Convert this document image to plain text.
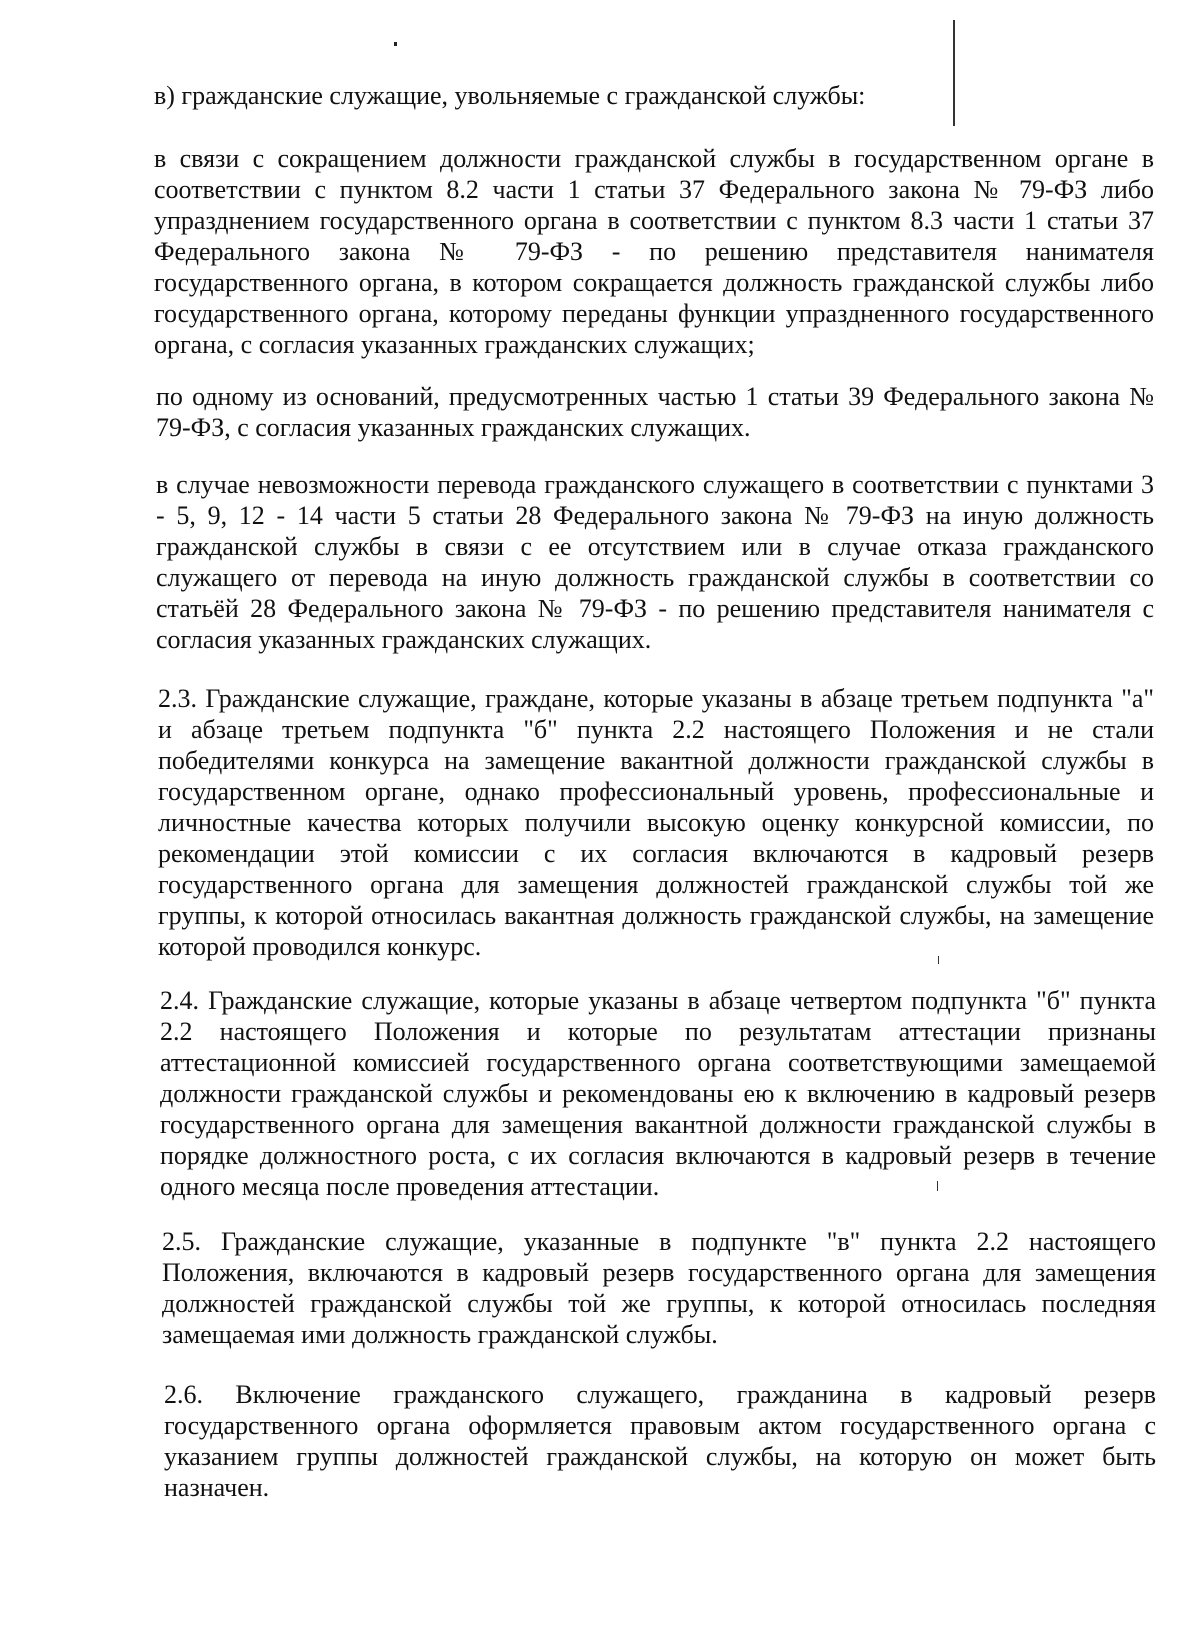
в) гражданские служащие, увольняемые с гражданской службы:

в связи с сокращением должности гражданской службы в государственном органе в соответствии с пунктом 8.2 части 1 статьи 37 Федерального закона № 79-ФЗ либо упразднением государственного органа в соответствии с пунктом 8.3 части 1 статьи 37 Федерального закона № 79-ФЗ - по решению представителя нанимателя государственного органа, в котором сокращается должность гражданской службы либо государственного органа, которому переданы функции упраздненного государственного органа, с согласия указанных гражданских служащих;

по одному из оснований, предусмотренных частью 1 статьи 39 Федерального закона № 79-ФЗ, с согласия указанных гражданских служащих.

в случае невозможности перевода гражданского служащего в соответствии с пунктами 3 - 5, 9, 12 - 14 части 5 статьи 28 Федерального закона № 79-ФЗ на иную должность гражданской службы в связи с ее отсутствием или в случае отказа гражданского служащего от перевода на иную должность гражданской службы в соответствии со статьёй 28 Федерального закона № 79-ФЗ - по решению представителя нанимателя с согласия указанных гражданских служащих.

2.3. Гражданские служащие, граждане, которые указаны в абзаце третьем подпункта "а" и абзаце третьем подпункта "б" пункта 2.2 настоящего Положения и не стали победителями конкурса на замещение вакантной должности гражданской службы в государственном органе, однако профессиональный уровень, профессиональные и личностные качества которых получили высокую оценку конкурсной комиссии, по рекомендации этой комиссии с их согласия включаются в кадровый резерв государственного органа для замещения должностей гражданской службы той же группы, к которой относилась вакантная должность гражданской службы, на замещение которой проводился конкурс.

2.4. Гражданские служащие, которые указаны в абзаце четвертом подпункта "б" пункта 2.2 настоящего Положения и которые по результатам аттестации признаны аттестационной комиссией государственного органа соответствующими замещаемой должности гражданской службы и рекомендованы ею к включению в кадровый резерв государственного органа для замещения вакантной должности гражданской службы в порядке должностного роста, с их согласия включаются в кадровый резерв в течение одного месяца после проведения аттестации.

2.5. Гражданские служащие, указанные в подпункте "в" пункта 2.2 настоящего Положения, включаются в кадровый резерв государственного органа для замещения должностей гражданской службы той же группы, к которой относилась последняя замещаемая ими должность гражданской службы.

2.6. Включение гражданского служащего, гражданина в кадровый резерв государственного органа оформляется правовым актом государственного органа с указанием группы должностей гражданской службы, на которую он может быть назначен.
